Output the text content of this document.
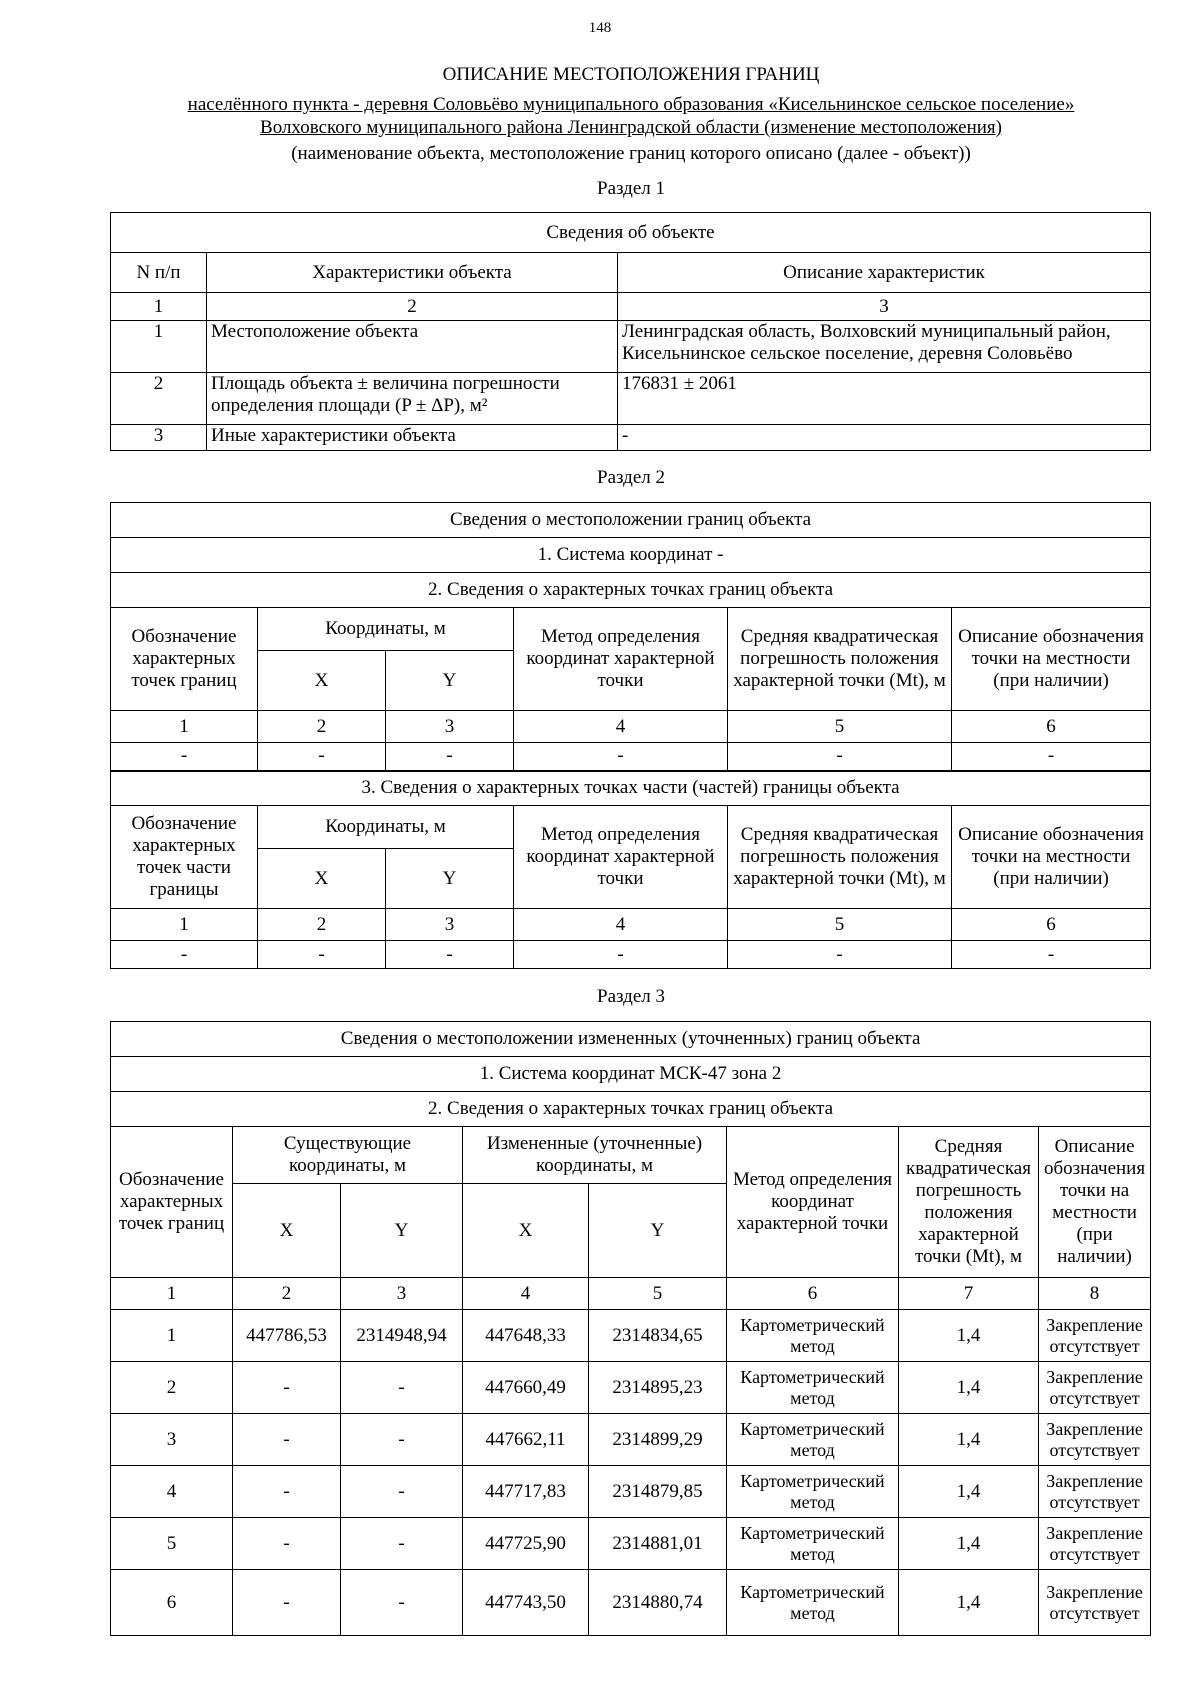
148
ОПИСАНИЕ МЕСТОПОЛОЖЕНИЯ ГРАНИЦ
населённого пункта - деревня Соловьёво муниципального образования «Кисельнинское сельское поселение»
Волховского муниципального района Ленинградской области (изменение местоположения)
(наименование объекта, местоположение границ которого описано (далее - объект))
Раздел 1
Сведения об объекте		
N п/п	Характеристики объекта	Описание характеристик
1	2	3
1	Местоположение объекта	Ленинградская область, Волховский муниципальный район,
Кисельнинское сельское поселение, деревня Соловьёво
2	Площадь объекта ± величина погрешности
определения площади (P ± ΔP), м²	176831 ± 2061
3	Иные характеристики объекта	-
Раздел 2
Сведения о местоположении границ объекта					
1. Система координат -					
2. Сведения о характерных точках границ объекта					
Обозначение характерных точек границ	Координаты, м		Метод определения координат характерной точки	Средняя квадратическая погрешность положения характерной точки (Mt), м	Описание обозначения точки на местности (при наличии)
	X	Y			
1	2	3	4	5	6
-	-	-	-	-	-
3. Сведения о характерных точках части (частей) границы объекта					
Обозначение характерных точек части границы	Координаты, м		Метод определения координат характерной точки	Средняя квадратическая погрешность положения характерной точки (Mt), м	Описание обозначения точки на местности (при наличии)
	X	Y			
1	2	3	4	5	6
-	-	-	-	-	-
Раздел 3
Сведения о местоположении измененных (уточненных) границ объекта							
1. Система координат МСК-47 зона 2							
2. Сведения о характерных точках границ объекта							
Обозначение характерных точек границ	Существующие координаты, м		Измененные (уточненные) координаты, м		Метод определения координат характерной точки	Средняя квадратическая погрешность положения характерной точки (Mt), м	Описание обозначения точки на местности (при наличии)
	X	Y	X	Y			
1	2	3	4	5	6	7	8
1	447786,53	2314948,94	447648,33	2314834,65	Картометрический метод	1,4	Закрепление отсутствует
2	-	-	447660,49	2314895,23	Картометрический метод	1,4	Закрепление отсутствует
3	-	-	447662,11	2314899,29	Картометрический метод	1,4	Закрепление отсутствует
4	-	-	447717,83	2314879,85	Картометрический метод	1,4	Закрепление отсутствует
5	-	-	447725,90	2314881,01	Картометрический метод	1,4	Закрепление отсутствует
6	-	-	447743,50	2314880,74	Картометрический метод	1,4	Закрепление отсутствует
